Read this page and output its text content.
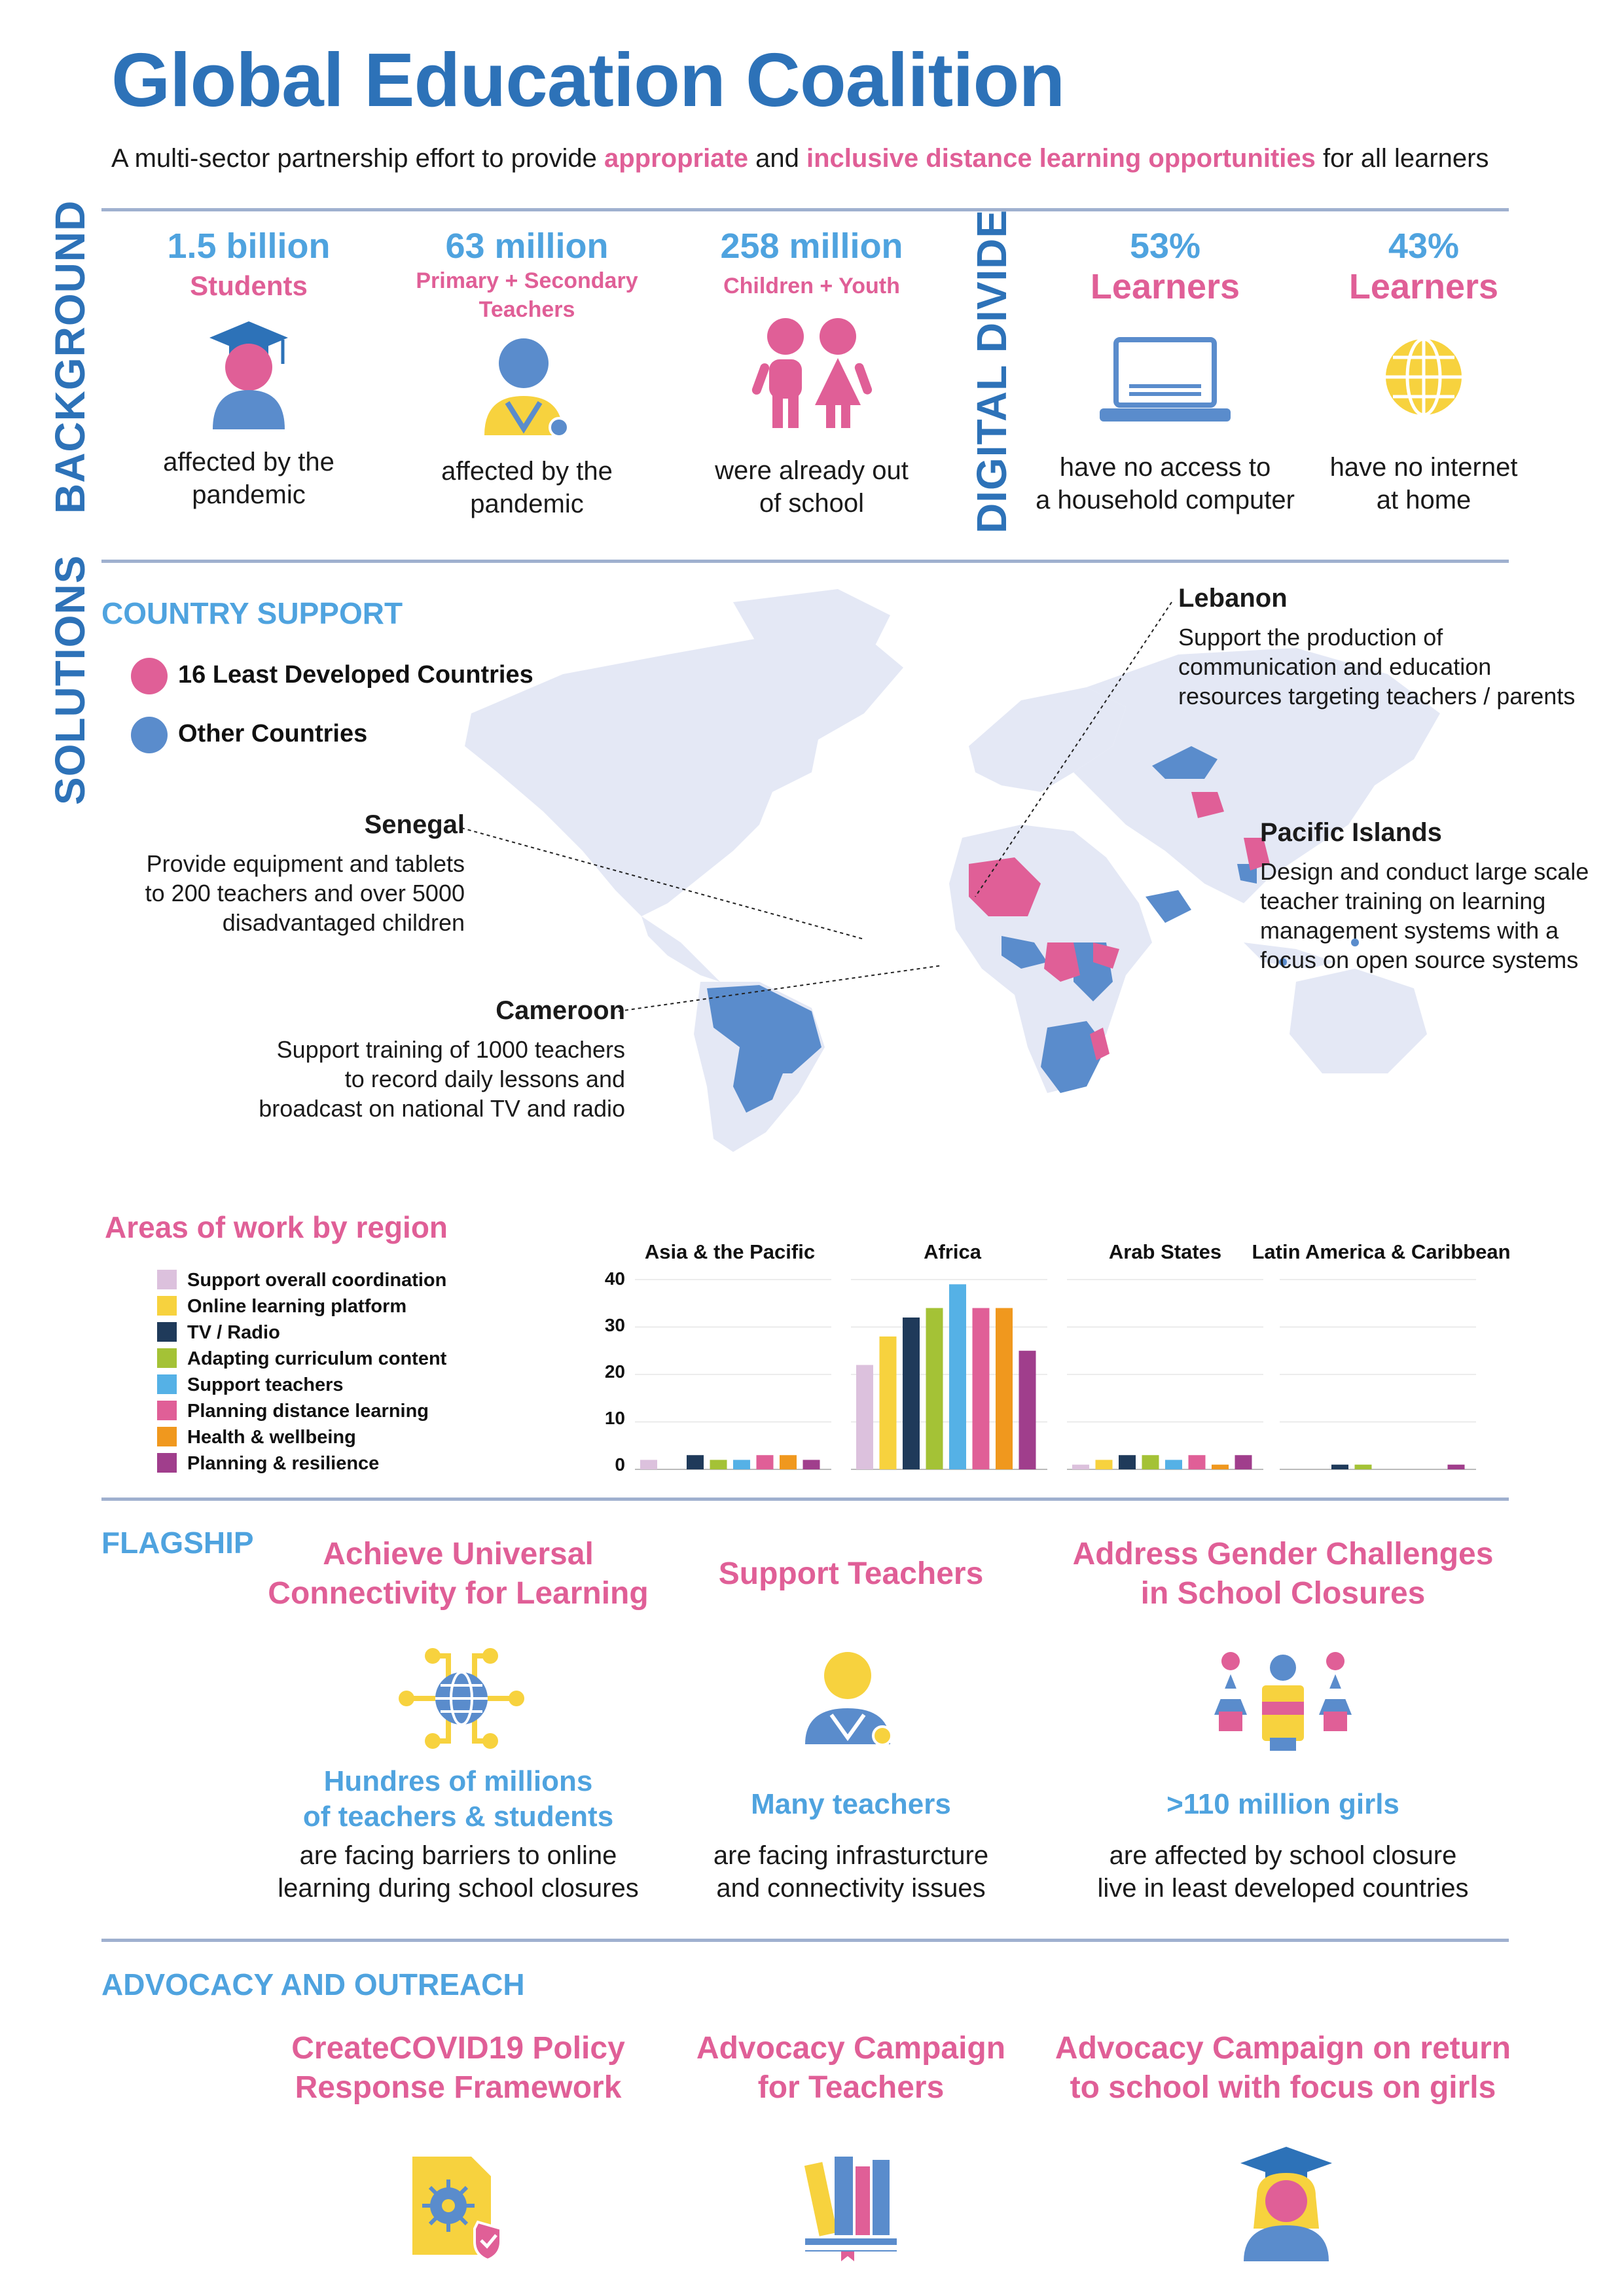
Global Education Coalition
A multi-sector partnership effort to provide appropriate and inclusive distance learning opportunities for all learners
BACKGROUND	1.5 billion
Students
affected by the
pandemic
63 million
Primary + Secondary
Teachers
affected by the
pandemic
258 million
Children + Youth
were already out
of school	DIGITAL DIVIDE	53%
Learners
have no access to
a household computer
43%
Learners
have no internet
at home
SOLUTIONS COUNTRY SUPPORT
16 Least Developed Countries
Other Countries
Lebanon
Support the production of
communication and education
resources targeting teachers / parents
Senegal
Provide equipment and tablets
to 200 teachers and over 5000
disadvantaged children
Pacific Islands
Design and conduct large scale
teacher training on learning
management systems with a
focus on open source systems
Cameroon
Support training of 1000 teachers
to record daily lessons and
broadcast on national TV and radio
Areas of work by region
Support overall coordination
Online learning platform
TV / Radio
Adapting curriculum content
Support teachers
Planning distance learning
Health & wellbeing
Planning & resilience
Asia & the Pacific	Africa	Arab States	Latin America & Caribbean
40
30
20
10
0
FLAGSHIP	Achieve Universal
Connectivity for Learning
Support Teachers
Address Gender Challenges
in School Closures
Hundres of millions
of teachers & students	Many teachers	>110 million girls
are facing barriers to online
learning during school closures
are facing infrasturcture
and connectivity issues
are affected by school closure
live in least developed countries
ADVOCACY AND OUTREACH
CreateCOVID19 Policy
Response Framework
Advocacy Campaign
for Teachers
Advocacy Campaign on return
to school with focus on girls
